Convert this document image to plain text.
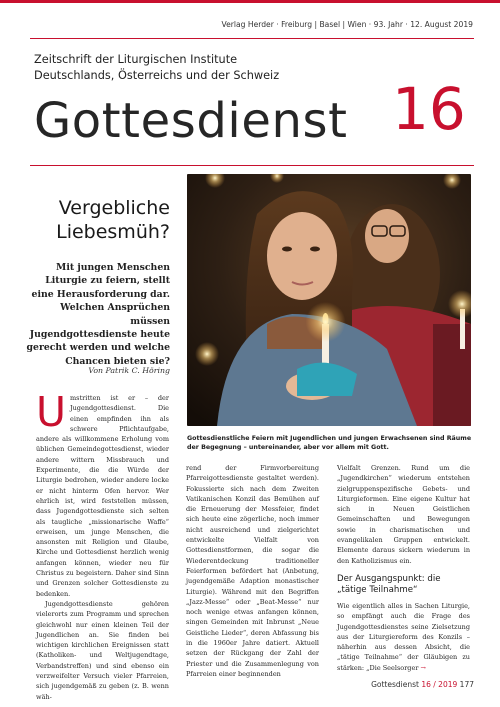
Verlag Herder · Freiburg | Basel | Wien · 93. Jahr · 12. August 2019
Zeitschrift der Liturgischen Institute
Deutschlands, Österreichs und der Schweiz
Gottesdienst 16
Vergebliche
Liebesmüh?
Mit jungen Menschen Liturgie zu feiern, stellt eine Herausforderung dar. Welchen Ansprüchen müssen Jugendgottesdienste heute gerecht werden und welche Chancen bieten sie?
Von Patrik C. Höring
Gottesdienstliche Feiern mit Jugendlichen und jungen Erwachsenen sind Räume der Begegnung – untereinander, aber vor allem mit Gott.

Umstritten ist er – der Jugendgottesdienst. Die einen empfinden ihn als schwere Pflichtaufgabe, andere als willkommene Erholung vom üblichen Gemeindegottesdienst, wieder andere wittern Missbrauch und Experimente, die die Würde der Liturgie bedrohen, wieder andere locke er nicht hinterm Ofen hervor. Wer ehrlich ist, wird feststellen müssen, dass Jugendgottesdienste sich selten als taugliche „missionarische Waffe“ erweisen, um junge Menschen, die ansonsten mit Religion und Glaube, Kirche und Gottesdienst herzlich wenig anfangen können, wieder neu für Christus zu begeistern. Daher sind Sinn und Grenzen solcher Gottesdienste zu bedenken.

Jugendgottesdienste gehören vielerorts zum Programm und sprechen gleichwohl nur einen kleinen Teil der Jugendlichen an. Sie finden bei wichtigen kirchlichen Ereignissen statt (Katholiken- und Weltjugendtage, Verbandstreffen) und sind ebenso ein verzweifelter Versuch vieler Pfarreien, sich jugendgemäß zu geben (z. B. wenn wäh-

rend der Firmvorbereitung Pfarreigottesdienste gestaltet werden). Fokussierte sich nach dem Zweiten Vatikanischen Konzil das Bemühen auf die Erneuerung der Messfeier, findet sich heute eine zögerliche, noch immer nicht ausreichend und zielgerichtet entwickelte Vielfalt von Gottesdienstformen, die sogar die Wiederentdeckung traditioneller Feierformen befördert hat (Anbetung, jugendgemäße Adaption monastischer Liturgie). Während mit den Begriffen „Jazz-Messe“ oder „Beat-Messe“ nur noch wenige etwas anfangen können, singen Gemeinden mit Inbrunst „Neue Geistliche Lieder“, deren Abfassung bis in die 1960er Jahre datiert. Aktuell setzen der Rückgang der Zahl der Priester und die Zusammenlegung von Pfarreien einer beginnenden

Vielfalt Grenzen. Rund um die „Jugendkirchen“ wiederum entstehen zielgruppenspezifische Gebets- und Liturgieformen. Eine eigene Kultur hat sich in Neuen Geistlichen Gemeinschaften und Bewegungen sowie in charismatischen und evangelikalen Gruppen entwickelt. Elemente daraus sickern wiederum in den Katholizismus ein.

Der Ausgangspunkt: die „tätige Teilnahme“

Wie eigentlich alles in Sachen Liturgie, so empfängt auch die Frage des Jugendgottesdienstes seine Zielsetzung aus der Liturgiereform des Konzils – näherhin aus dessen Absicht, die „tätige Teilnahme“ der Gläubigen zu stärken: „Die Seelsorger →

Gottesdienst 16 / 2019 177
